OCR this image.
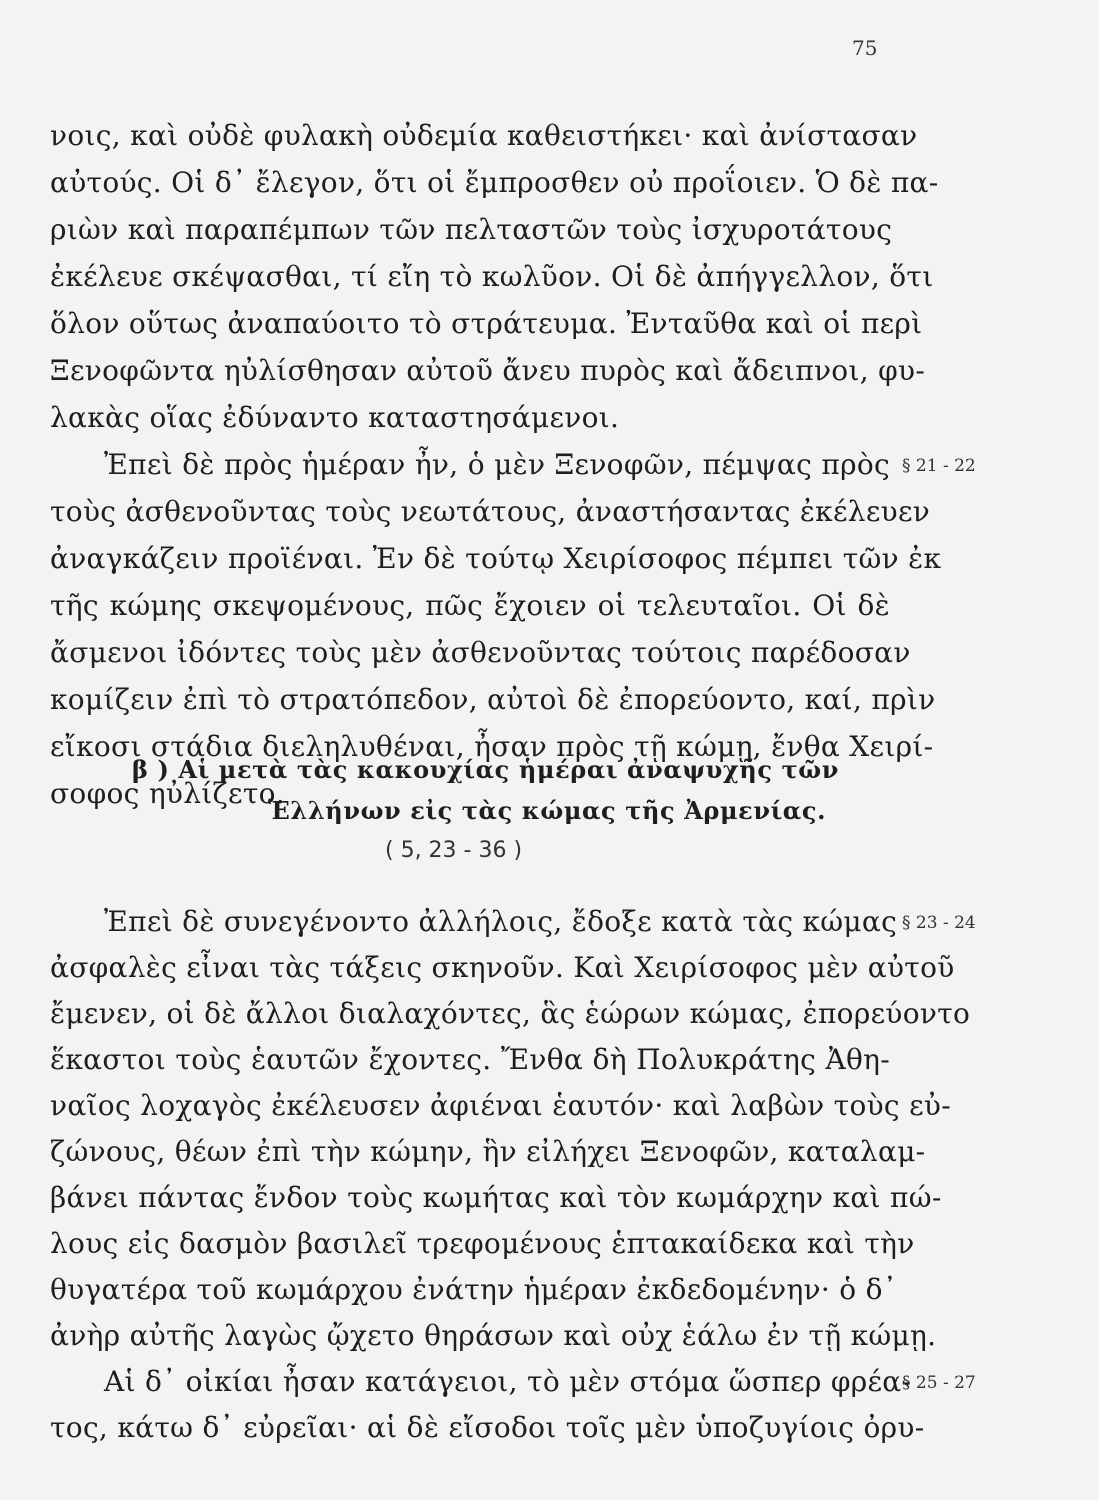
75
νοις, καὶ οὐδὲ φυλακὴ οὐδεμία καθειστήκει· καὶ ἀνίστασαν
αὐτούς. Οἱ δ᾽ ἔλεγον, ὅτι οἱ ἔμπροσθεν οὐ προΐοιεν. Ὁ δὲ πα-
ριὼν καὶ παραπέμπων τῶν πελταστῶν τοὺς ἰσχυροτάτους
ἐκέλευε σκέψασθαι, τί εἴη τὸ κωλῦον. Οἱ δὲ ἀπήγγελλον, ὅτι
ὅλον οὕτως ἀναπαύοιτο τὸ στράτευμα. Ἐνταῦθα καὶ οἱ περὶ
Ξενοφῶντα ηὐλίσθησαν αὐτοῦ ἄνευ πυρὸς καὶ ἄδειπνοι, φυ-
λακὰς οἵας ἐδύναντο καταστησάμενοι.
Ἐπεὶ δὲ πρὸς ἡμέραν ἦν, ὁ μὲν Ξενοφῶν, πέμψας πρὸς § 21 - 22
τοὺς ἀσθενοῦντας τοὺς νεωτάτους, ἀναστήσαντας ἐκέλευεν
ἀναγκάζειν προϊέναι. Ἐν δὲ τούτῳ Χειρίσοφος πέμπει τῶν ἐκ
τῆς κώμης σκεψομένους, πῶς ἔχοιεν οἱ τελευταῖοι. Οἱ δὲ
ἄσμενοι ἰδόντες τοὺς μὲν ἀσθενοῦντας τούτοις παρέδοσαν
κομίζειν ἐπὶ τὸ στρατόπεδον, αὐτοὶ δὲ ἐπορεύοντο, καί, πρὶν
εἴκοσι στάδια διεληλυθέναι, ἦσαν πρὸς τῇ κώμῃ, ἔνθα Χειρί-
σοφος ηὐλίζετο.
β ) Αἱ μετὰ τὰς κακουχίας ἡμέραι ἀναψυχῆς τῶν
Ἑλλήνων εἰς τὰς κώμας τῆς Ἀρμενίας.
( 5, 23 - 36 )
Ἐπεὶ δὲ συνεγένοντο ἀλλήλοις, ἔδοξε κατὰ τὰς κώμας § 23 - 24
ἀσφαλὲς εἶναι τὰς τάξεις σκηνοῦν. Καὶ Χειρίσοφος μὲν αὐτοῦ
ἔμενεν, οἱ δὲ ἄλλοι διαλαχόντες, ἃς ἑώρων κώμας, ἐπορεύοντο
ἕκαστοι τοὺς ἑαυτῶν ἔχοντες. Ἔνθα δὴ Πολυκράτης Ἀθη-
ναῖος λοχαγὸς ἐκέλευσεν ἀφιέναι ἑαυτόν· καὶ λαβὼν τοὺς εὐ-
ζώνους, θέων ἐπὶ τὴν κώμην, ἣν εἰλήχει Ξενοφῶν, καταλαμ-
βάνει πάντας ἔνδον τοὺς κωμήτας καὶ τὸν κωμάρχην καὶ πώ-
λους εἰς δασμὸν βασιλεῖ τρεφομένους ἑπτακαίδεκα καὶ τὴν
θυγατέρα τοῦ κωμάρχου ἐνάτην ἡμέραν ἐκδεδομένην· ὁ δ᾽
ἀνὴρ αὐτῆς λαγὼς ᾤχετο θηράσων καὶ οὐχ ἑάλω ἐν τῇ κώμῃ.
Αἱ δ᾽ οἰκίαι ἦσαν κατάγειοι, τὸ μὲν στόμα ὥσπερ φρέα-
§ 25 - 27
τος, κάτω δ᾽ εὐρεῖαι· αἱ δὲ εἴσοδοι τοῖς μὲν ὑποζυγίοις ὀρυ-
